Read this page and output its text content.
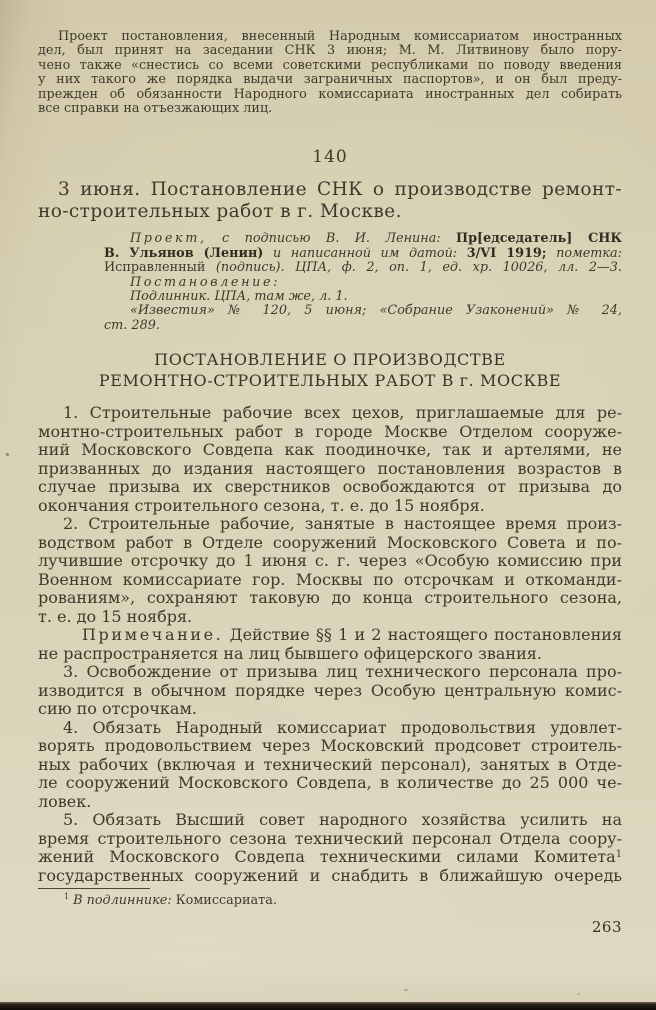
Проект постановления, внесенный Народным комиссариатом иностранных
дел, был принят на заседании СНК 3 июня; М. М. Литвинову было пору-
чено также «снестись со всеми советскими республиками по поводу введения
у них такого же порядка выдачи заграничных паспортов», и он был преду-
прежден об обязанности Народного комиссариата иностранных дел собирать
все справки на отъезжающих лиц.
140
3 июня. Постановление СНК о производстве ремонт-
но-строительных работ в г. Москве.
Проект, с подписью В. И. Ленина: Пр[едседатель] СНК
В. Ульянов (Ленин) и написанной им датой: 3/VI 1919; пометка:
Исправленный (подпись). ЦПА, ф. 2, оп. 1, ед. хр. 10026, лл. 2—3.
Постановление:
Подлинник. ЦПА, там же, л. 1.
«Известия» № 120, 5 июня; «Собрание Узаконений» № 24,
ст. 289.
ПОСТАНОВЛЕНИЕ О ПРОИЗВОДСТВЕ
РЕМОНТНО-СТРОИТЕЛЬНЫХ РАБОТ В г. МОСКВЕ
1. Строительные рабочие всех цехов, приглашаемые для ре-
монтно-строительных работ в городе Москве Отделом сооруже-
ний Московского Совдепа как поодиночке, так и артелями, не
призванных до издания настоящего постановления возрастов в
случае призыва их сверстников освобождаются от призыва до
окончания строительного сезона, т. е. до 15 ноября.
2. Строительные рабочие, занятые в настоящее время произ-
водством работ в Отделе сооружений Московского Совета и по-
лучившие отсрочку до 1 июня с. г. через «Особую комиссию при
Военном комиссариате гор. Москвы по отсрочкам и откоманди-
рованиям», сохраняют таковую до конца строительного сезона,
т. е. до 15 ноября.
Примечание. Действие §§ 1 и 2 настоящего постановления
не распространяется на лиц бывшего офицерского звания.
3. Освобождение от призыва лиц технического персонала про-
изводится в обычном порядке через Особую центральную комис-
сию по отсрочкам.
4. Обязать Народный комиссариат продовольствия удовлет-
ворять продовольствием через Московский продсовет строитель-
ных рабочих (включая и технический персонал), занятых в Отде-
ле сооружений Московского Совдепа, в количестве до 25 000 че-
ловек.
5. Обязать Высший совет народного хозяйства усилить на
время строительного сезона технический персонал Отдела соору-
жений Московского Совдепа техническими силами Комитета$^1$
государственных сооружений и снабдить в ближайшую очередь
$^1$ В подлиннике: Комиссариата.
263
